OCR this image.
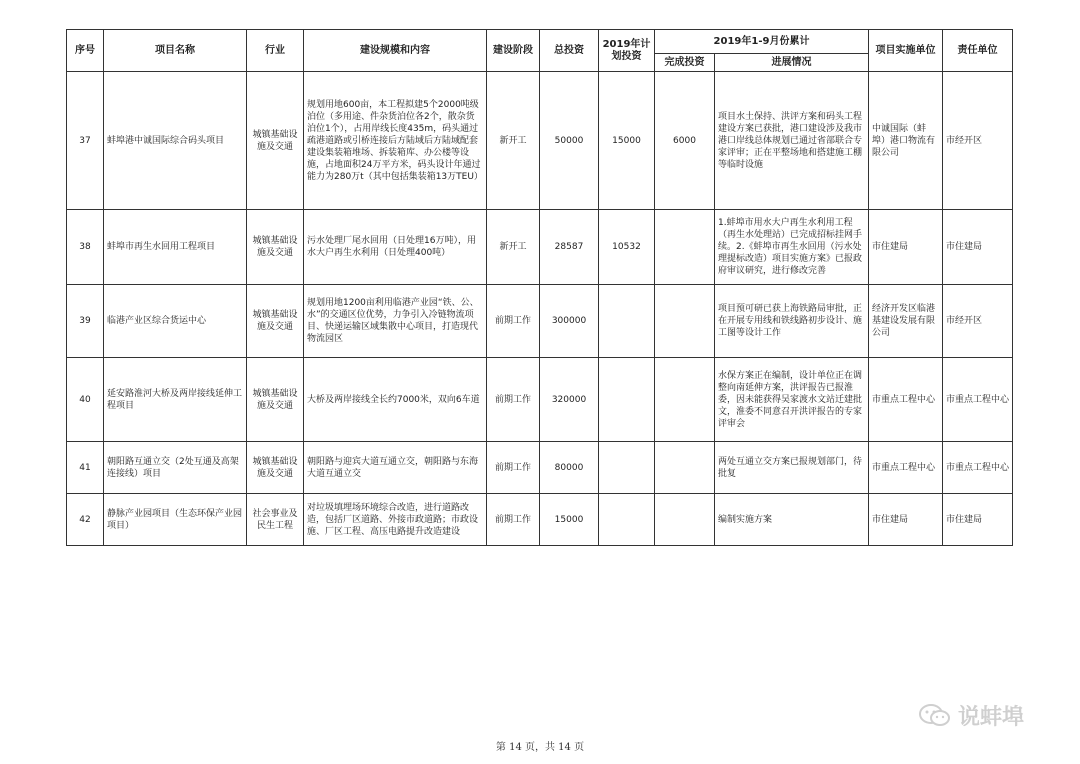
序号	项目名称	行业	建设规模和内容	建设阶段	总投资	2019年计划投资	2019年1-9月份累计		项目实施单位	责任单位
							完成投资	进展情况		
37	蚌埠港中诚国际综合码头项目	城镇基础设施及交通	规划用地600亩，本工程拟建5个2000吨级泊位（多用途、件杂货泊位各2个，散杂货泊位1个），占用岸线长度435m，码头通过疏港道路或引桥连接后方陆域后方陆域配套建设集装箱堆场、拆装箱库、办公楼等设施，占地面积24万平方米，码头设计年通过能力为280万t（其中包括集装箱13万TEU）	新开工	50000	15000	6000	项目水土保持、洪评方案和码头工程建设方案已获批，港口建设涉及我市港口岸线总体规划已通过省部联合专家评审；正在平整场地和搭建施工棚等临时设施	中诚国际（蚌埠）港口物流有限公司	市经开区
38	蚌埠市再生水回用工程项目	城镇基础设施及交通	污水处理厂尾水回用（日处理16万吨），用水大户再生水利用（日处理400吨）	新开工	28587	10532		1.蚌埠市用水大户再生水利用工程（再生水处理站）已完成招标挂网手续。2.《蚌埠市再生水回用（污水处理提标改造）项目实施方案》已报政府审议研究，进行修改完善	市住建局	市住建局
39	临港产业区综合货运中心	城镇基础设施及交通	规划用地1200亩利用临港产业园“铁、公、水”的交通区位优势，力争引入冷链物流项目、快递运输区域集散中心项目，打造现代物流园区	前期工作	300000			项目预可研已获上海铁路局审批，正在开展专用线和铁线路初步设计、施工图等设计工作	经济开发区临港基建设发展有限公司	市经开区
40	延安路淮河大桥及两岸接线延伸工程项目	城镇基础设施及交通	大桥及两岸接线全长约7000米，双向6车道	前期工作	320000			水保方案正在编制，设计单位正在调整向南延伸方案，洪评报告已报淮委，因未能获得吴家渡水文站迁建批文，淮委不同意召开洪评报告的专家评审会	市重点工程中心	市重点工程中心
41	朝阳路互通立交（2处互通及高架连接线）项目	城镇基础设施及交通	朝阳路与迎宾大道互通立交，朝阳路与东海大道互通立交	前期工作	80000			两处互通立交方案已报规划部门，待批复	市重点工程中心	市重点工程中心
42	静脉产业园项目（生态环保产业园项目）	社会事业及民生工程	对垃圾填埋场环境综合改造，进行道路改造，包括厂区道路、外接市政道路；市政设施、厂区工程、高压电路提升改造建设	前期工作	15000			编制实施方案	市住建局	市住建局
说蚌埠
第 14 页，共 14 页
